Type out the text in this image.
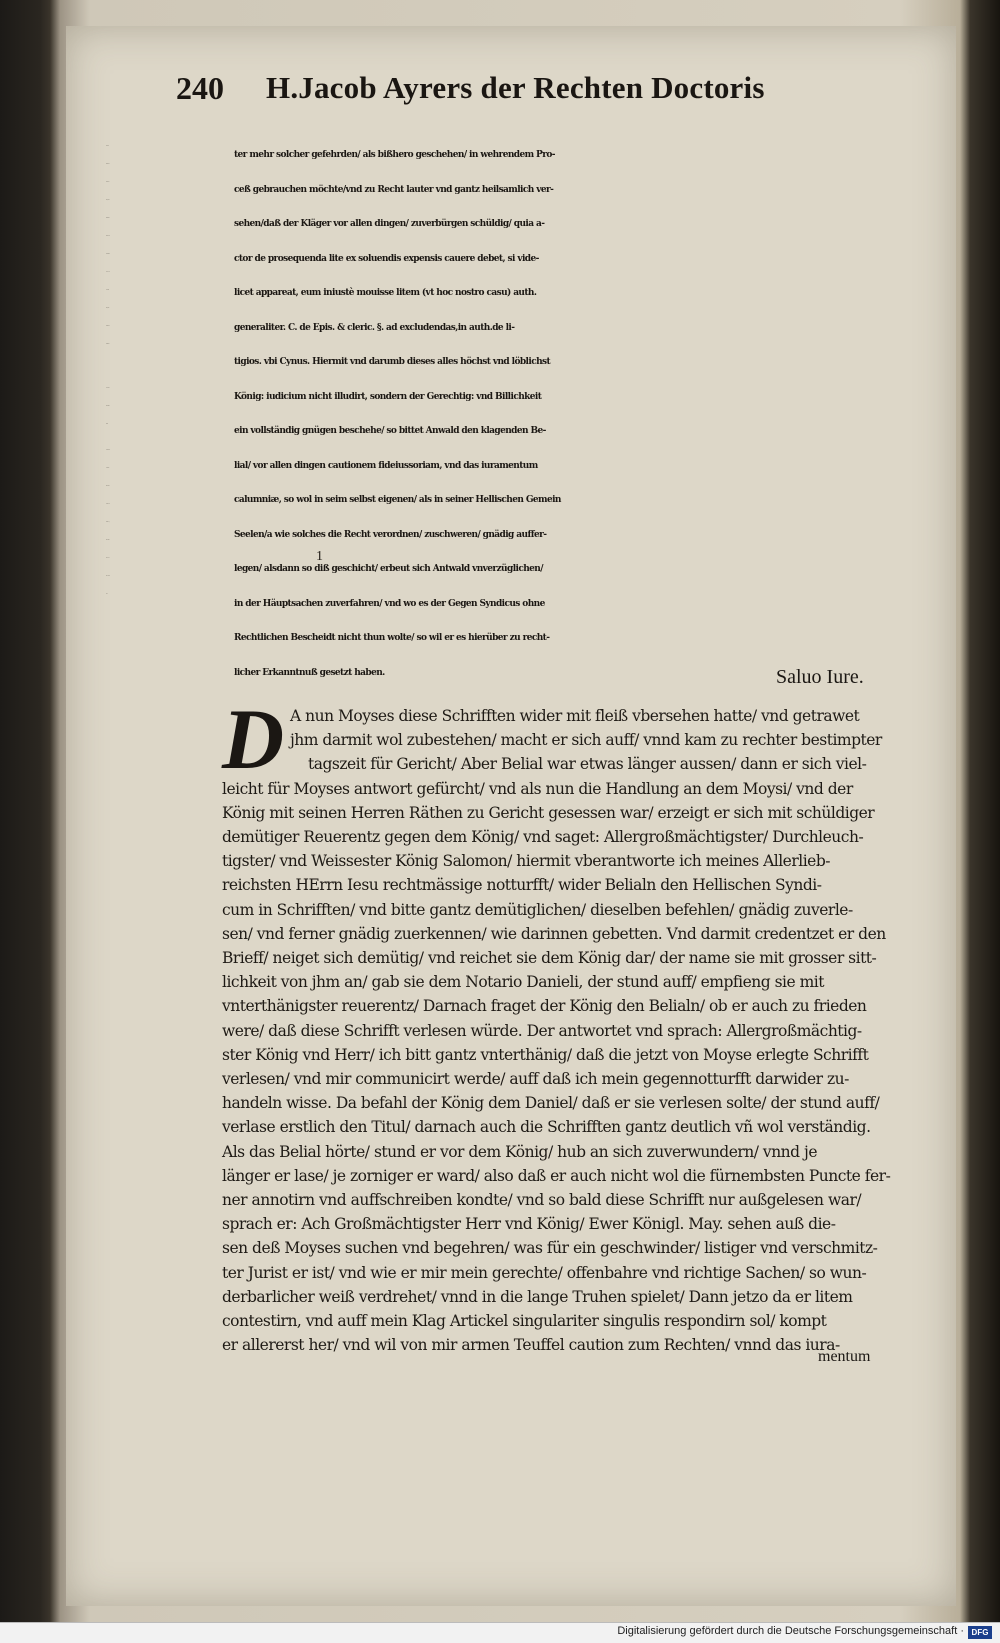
240 H.Jacob Ayrers der Rechten Doctoris

1

ter mehr solcher gefehrden/ als bißhero geschehen/ in wehrendem Pro-

ceß gebrauchen möchte/vnd zu Recht lauter vnd gantz heilsamlich ver-

sehen/daß der Kläger vor allen dingen/ zuverbürgen schüldig/ quia a-

ctor de prosequenda lite ex soluendis expensis cauere debet, si vide-

licet appareat, eum iniustè mouisse litem (vt hoc nostro casu) auth.

generaliter. C. de Epis. & cleric. §. ad excludendas,in auth.de li-

tigios. vbi Cynus. Hiermit vnd darumb dieses alles höchst vnd löblichst

König: iudicium nicht illudirt, sondern der Gerechtig: vnd Billichkeit

ein vollständig gnügen beschehe/ so bittet Anwald den klagenden Be-

lial/ vor allen dingen cautionem fideiussoriam, vnd das iuramentum

calumniæ, so wol in seim selbst eigenen/ als in seiner Hellischen Gemein

Seelen/a wie solches die Recht verordnen/ zuschweren/ gnädig auffer-

legen/ alsdann so diß geschicht/ erbeut sich Antwald vnverzüglichen/

in der Häuptsachen zuverfahren/ vnd wo es der Gegen Syndicus ohne

Rechtlichen Bescheidt nicht thun wolte/ so wil er es hierüber zu recht-

licher Erkanntnuß gesetzt haben.	Saluo Iure.
D A nun Moyses diese Schrifften wider mit fleiß vbersehen hatte/ vnd getrawet

jhm darmit wol zubestehen/ macht er sich auff/ vnnd kam zu rechter bestimpter

tagszeit für Gericht/ Aber Belial war etwas länger aussen/ dann er sich viel-

leicht für Moyses antwort gefürcht/ vnd als nun die Handlung an dem Moysi/ vnd der

König mit seinen Herren Räthen zu Gericht gesessen war/ erzeigt er sich mit schüldiger

demütiger Reuerentz gegen dem König/ vnd saget: Allergroßmächtigster/ Durchleuch-

tigster/ vnd Weissester König Salomon/ hiermit vberantworte ich meines Allerlieb-

reichsten HErrn Iesu rechtmässige notturfft/ wider Belialn den Hellischen Syndi-

cum in Schrifften/ vnd bitte gantz demütiglichen/ dieselben befehlen/ gnädig zuverle-

sen/ vnd ferner gnädig zuerkennen/ wie darinnen gebetten. Vnd darmit credentzet er den

Brieff/ neiget sich demütig/ vnd reichet sie dem König dar/ der name sie mit grosser sitt-

lichkeit von jhm an/ gab sie dem Notario Danieli, der stund auff/ empfieng sie mit

vnterthänigster reuerentz/ Darnach fraget der König den Belialn/ ob er auch zu frieden

were/ daß diese Schrifft verlesen würde. Der antwortet vnd sprach: Allergroßmächtig-

ster König vnd Herr/ ich bitt gantz vnterthänig/ daß die jetzt von Moyse erlegte Schrifft

verlesen/ vnd mir communicirt werde/ auff daß ich mein gegennotturfft darwider zu-

handeln wisse. Da befahl der König dem Daniel/ daß er sie verlesen solte/ der stund auff/

verlase erstlich den Titul/ darnach auch die Schrifften gantz deutlich vñ wol verständig.

Als das Belial hörte/ stund er vor dem König/ hub an sich zuverwundern/ vnnd je

länger er lase/ je zorniger er ward/ also daß er auch nicht wol die fürnembsten Puncte fer-

ner annotirn vnd auffschreiben kondte/ vnd so bald diese Schrifft nur außgelesen war/

sprach er: Ach Großmächtigster Herr vnd König/ Ewer Königl. May. sehen auß die-

sen deß Moyses suchen vnd begehren/ was für ein geschwinder/ listiger vnd verschmitz-

ter Jurist er ist/ vnd wie er mir mein gerechte/ offenbahre vnd richtige Sachen/ so wun-

derbarlicher weiß verdrehet/ vnnd in die lange Truhen spielet/ Dann jetzo da er litem

contestirn, vnd auff mein Klag Artickel singulariter singulis respondirn sol/ kompt

er allererst her/ vnd wil von mir armen Teuffel caution zum Rechten/ vnnd das iura-

mentum
Digitalisierung gefördert durch die Deutsche Forschungsgemeinschaft · DFG
